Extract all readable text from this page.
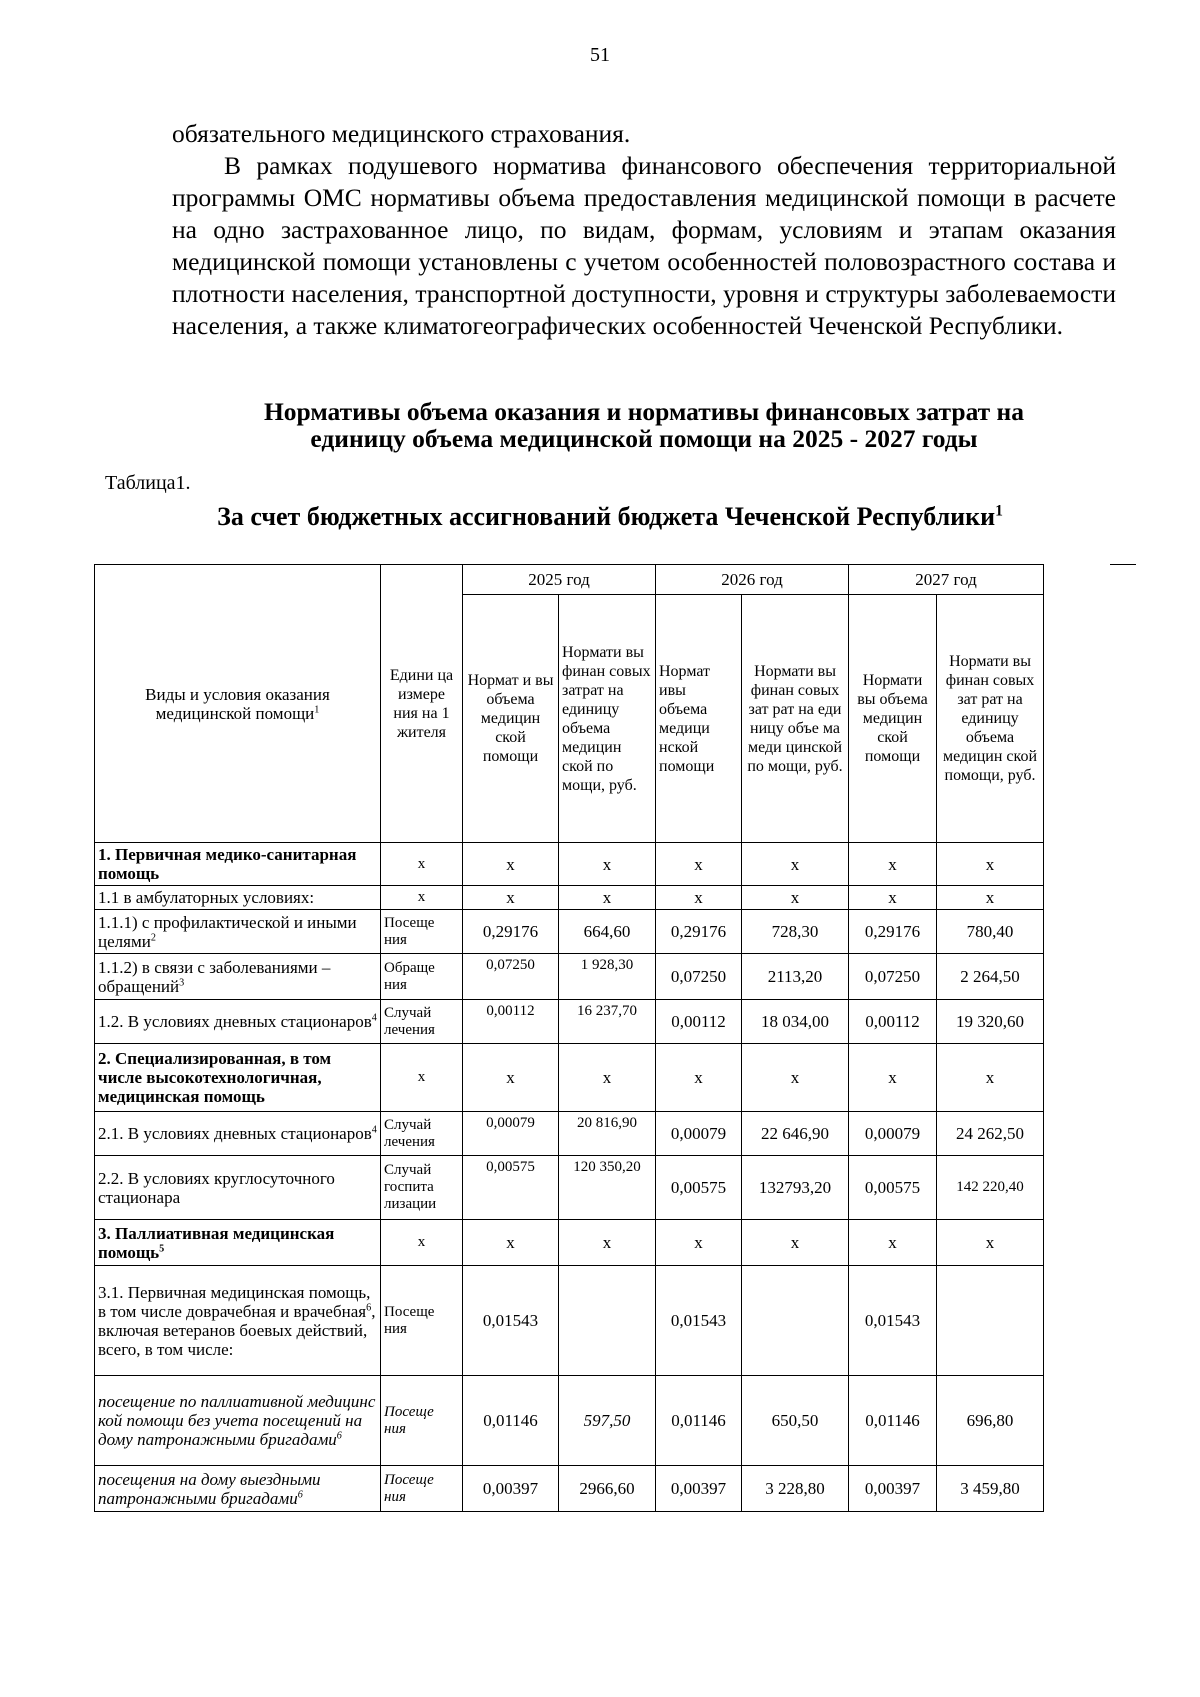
51
обязательного медицинского страхования.
В рамках подушевого норматива финансового обеспечения территориальной программы ОМС нормативы объема предоставления медицинской помощи в расчете на одно застрахованное лицо, по видам, формам, условиям и этапам оказания медицинской помощи установлены с учетом особенностей половозрастного состава и плотности населения, транспортной доступности, уровня и структуры заболеваемости населения, а также климатогеографических особенностей Чеченской Республики.
Нормативы объема оказания и нормативы финансовых затрат на
единицу объема медицинской помощи на 2025 - 2027 годы
Таблица1.
За счет бюджетных ассигнований бюджета Чеченской Республики$^1$
Виды и условия оказания медицинской помощи$^1$	Едини ца измере ния на 1 жителя	2025 год		2026 год		2027 год		
		Нормат и вы объема медицин ской помощи	Нормати вы финан совых затрат на единицу объема медицин ской по мощи, руб.	Нормат ивы объема медици нской помощи	Нормати вы финан совых зат рат на еди ницу объе ма меди цинской по мощи, руб.	Нормати вы объема медицин ской помощи	Нормати вы финан совых зат рат на единицу объема медицин ской помощи, руб.	
1. Первичная медико-санитарная помощь	x	x	x	x	x	x	x	
1.1 в амбулаторных условиях:	x	x	x	x	x	x	x	
1.1.1) с профилактической и иными целями$^2$	Посеще ния	0,29176	664,60	0,29176	728,30	0,29176	780,40	
1.1.2) в связи с заболеваниями – обращений$^3$	Обраще ния	0,07250	1 928,30	0,07250	2113,20	0,07250	2 264,50	
1.2. В условиях дневных стационаров$^4$	Случай лечения	0,00112	16 237,70	0,00112	18 034,00	0,00112	19 320,60	
2. Специализированная, в том числе высокотехнологичная, медицинская помощь	x	x	x	x	x	x	x	
2.1. В условиях дневных стационаров$^4$	Случай лечения	0,00079	20 816,90	0,00079	22 646,90	0,00079	24 262,50	
2.2. В условиях круглосуточного стационара	Случай госпита лизации	0,00575	120 350,20	0,00575	132793,20	0,00575	142 220,40	
3. Паллиативная медицинская помощь$^5$	x	x	x	x	x	x	x	
3.1. Первичная медицинская помощь, в том числе доврачебная и врачебная$^6$, включая ветеранов боевых действий, всего, в том числе:	Посеще ния	0,01543		0,01543		0,01543		
посещение по паллиативной медицинс кой помощи без учета посещений на дому патронажными бригадами$^6$	Посеще ния	0,01146	597,50	0,01146	650,50	0,01146	696,80	
посещения на дому выездными патронажными бригадами$^6$	Посеще ния	0,00397	2966,60	0,00397	3 228,80	0,00397	3 459,80	
